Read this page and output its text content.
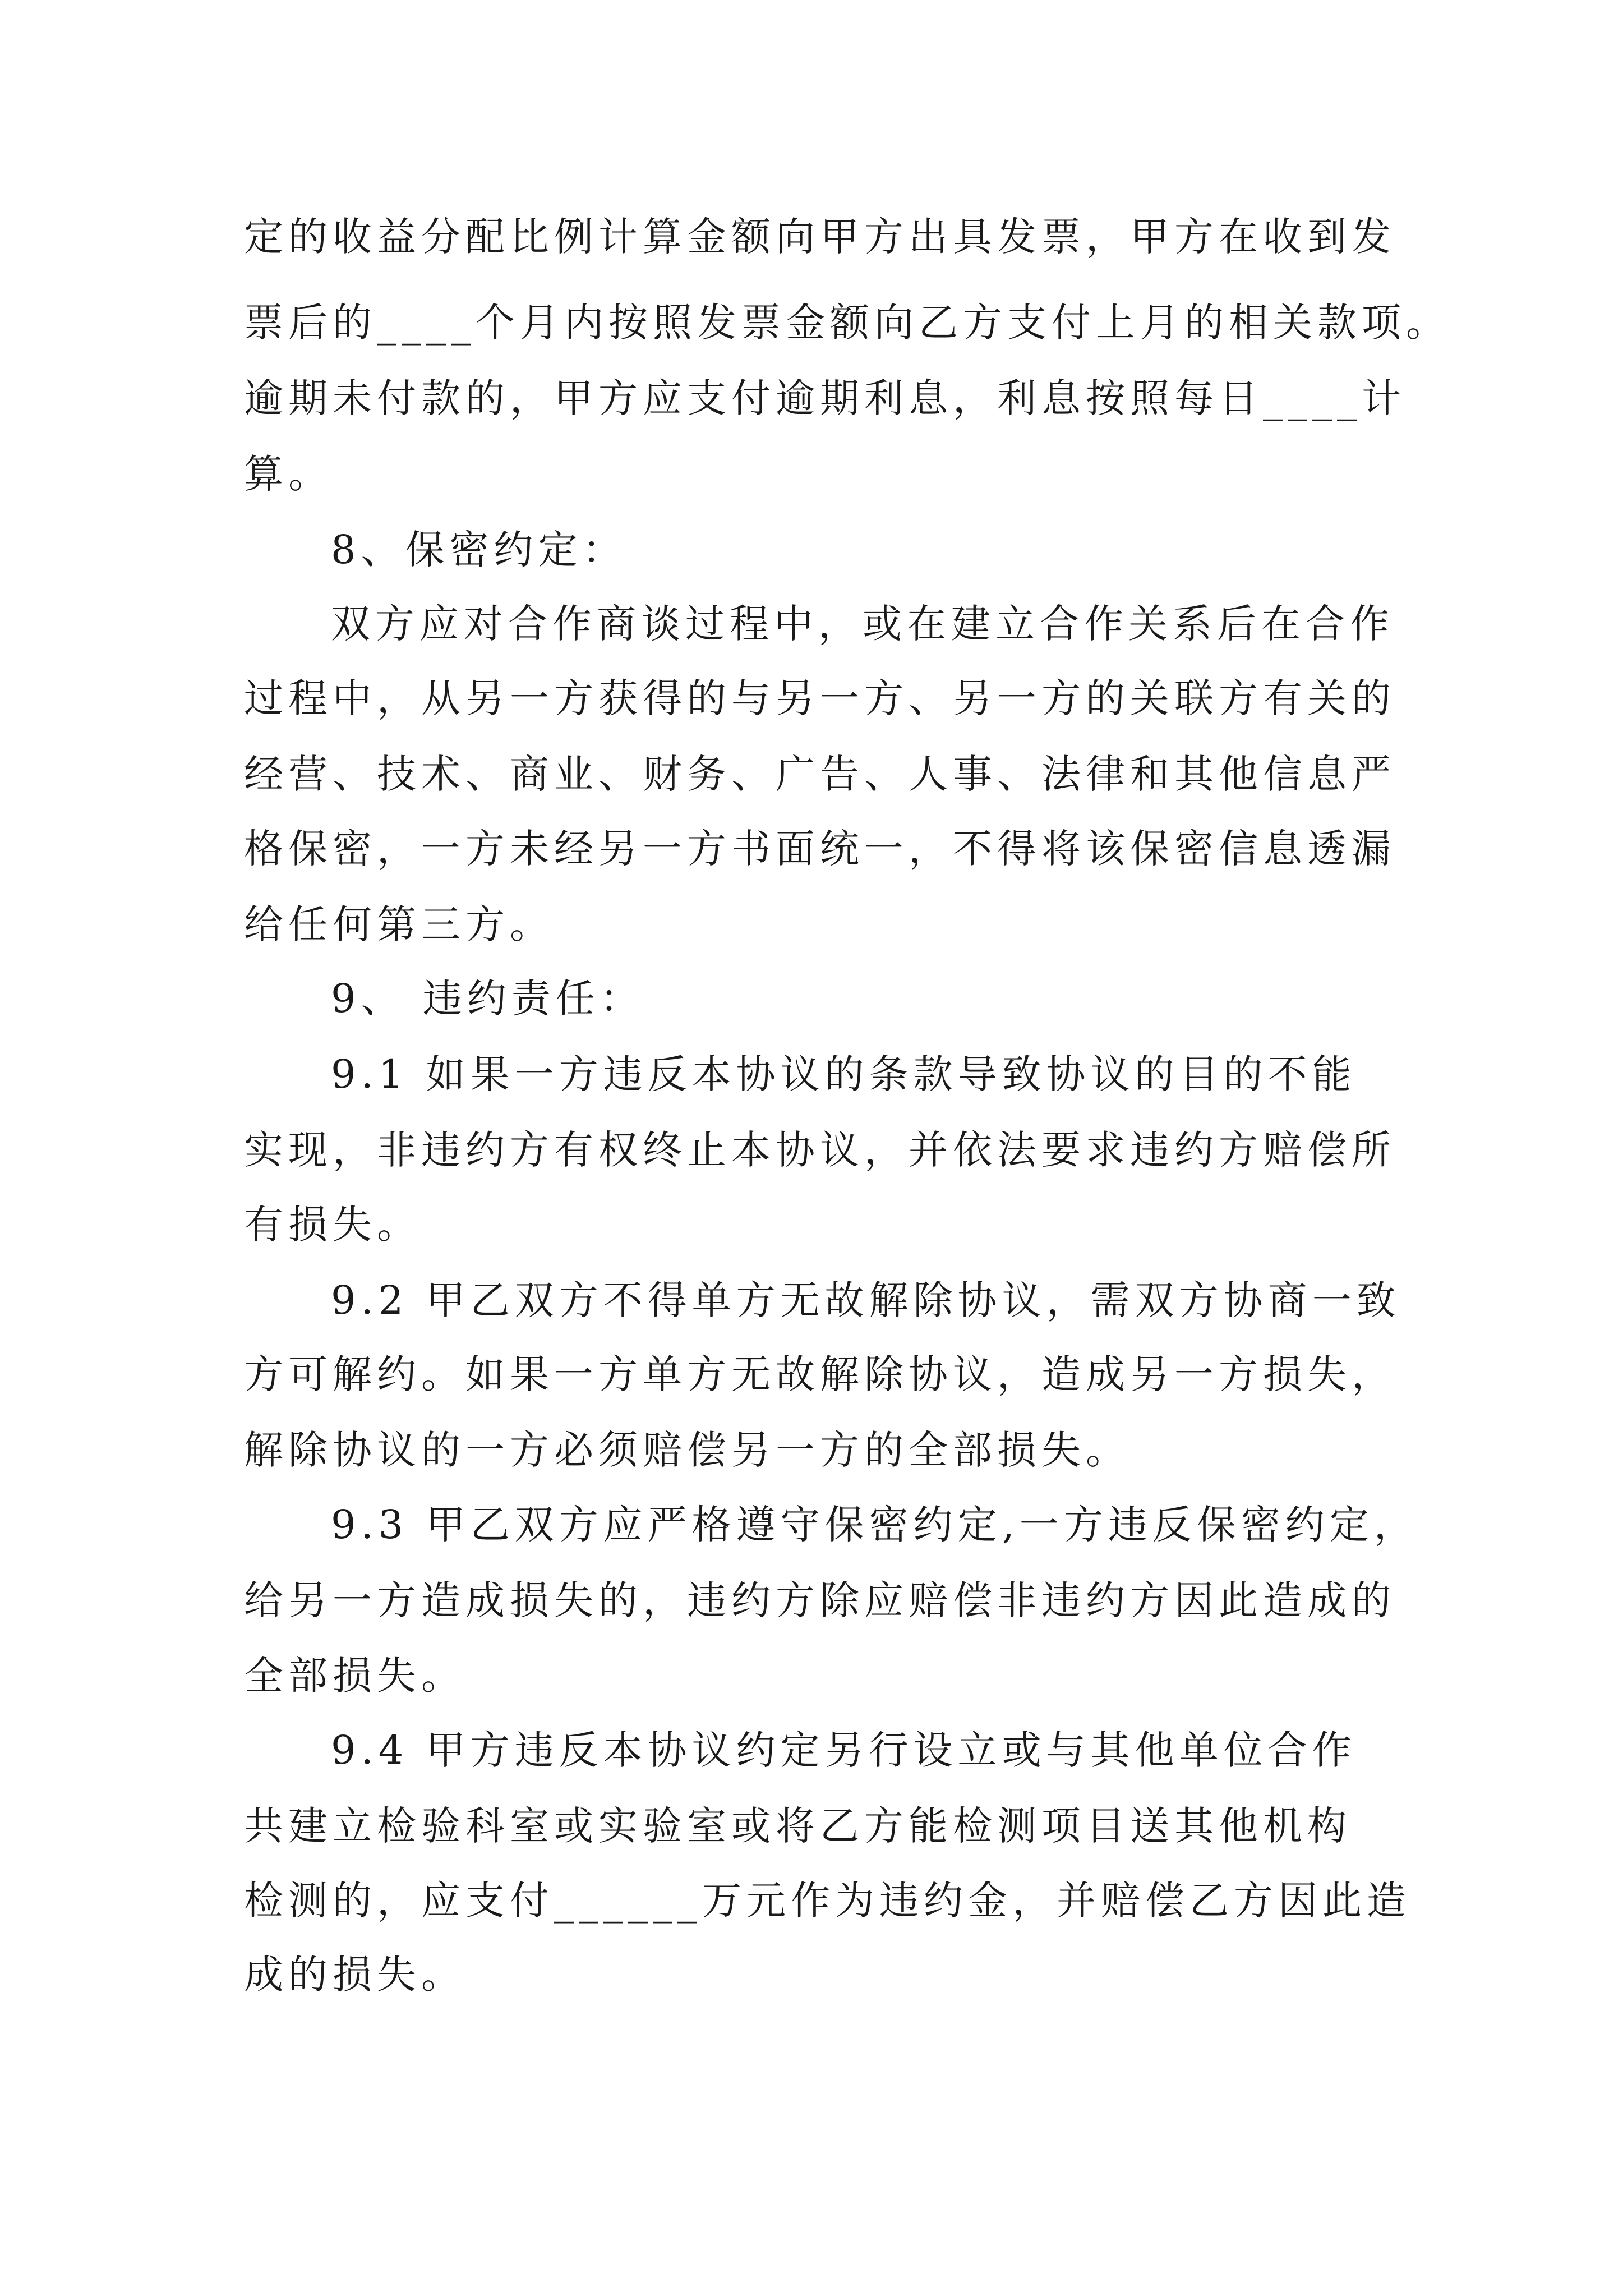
定的收益分配比例计算金额向甲方出具发票，甲方在收到发
票后的____个月内按照发票金额向乙方支付上月的相关款项。
逾期未付款的，甲方应支付逾期利息，利息按照每日____计
算。
8、保密约定：
双方应对合作商谈过程中，或在建立合作关系后在合作
过程中，从另一方获得的与另一方、另一方的关联方有关的
经营、技术、商业、财务、广告、人事、法律和其他信息严
格保密，一方未经另一方书面统一，不得将该保密信息透漏
给任何第三方。
9、 违约责任：
9.1 如果一方违反本协议的条款导致协议的目的不能
实现，非违约方有权终止本协议，并依法要求违约方赔偿所
有损失。
9.2 甲乙双方不得单方无故解除协议，需双方协商一致
方可解约。如果一方单方无故解除协议，造成另一方损失，
解除协议的一方必须赔偿另一方的全部损失。
9.3 甲乙双方应严格遵守保密约定,一方违反保密约定，
给另一方造成损失的，违约方除应赔偿非违约方因此造成的
全部损失。
9.4 甲方违反本协议约定另行设立或与其他单位合作
共建立检验科室或实验室或将乙方能检测项目送其他机构
检测的，应支付______万元作为违约金，并赔偿乙方因此造
成的损失。
